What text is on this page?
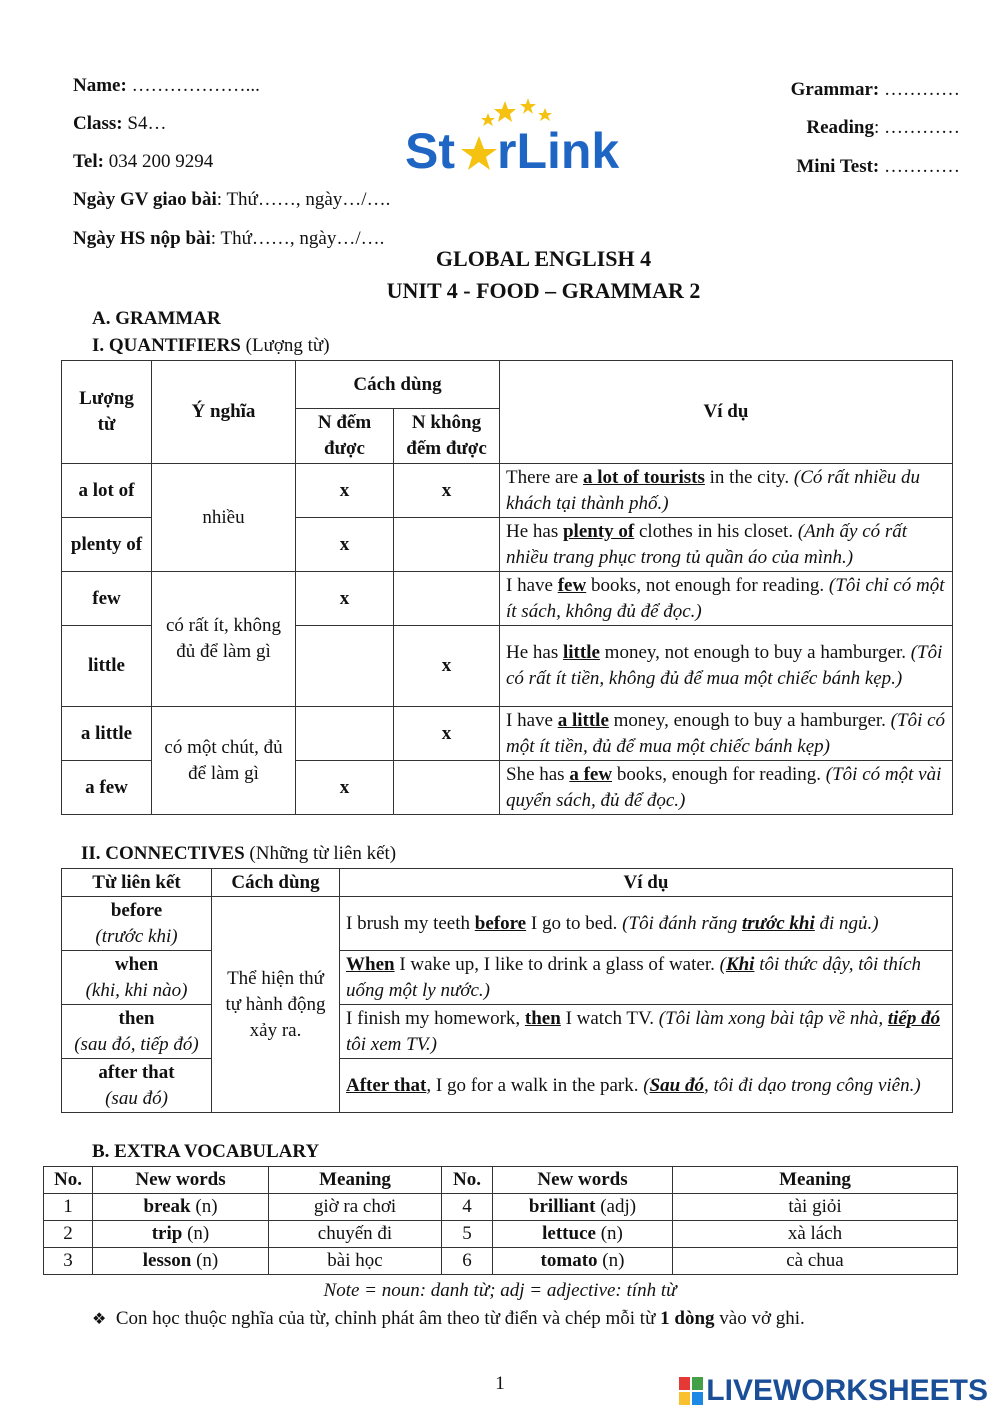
Name: ………………...
Class: S4…
Tel: 034 200 9294
Ngày GV giao bài: Thứ……, ngày…/….
Ngày HS nộp bài: Thứ……, ngày…/….
Grammar: …………
Reading: …………
Mini Test: …………
St rLink
GLOBAL ENGLISH 4
UNIT 4 - FOOD – GRAMMAR 2
A. GRAMMAR
I. QUANTIFIERS (Lượng từ)
Lượng từ	Ý nghĩa	Cách dùng		Ví dụ
		N đếm được	N không đếm được	
a lot of	nhiều	x	x	There are a lot of tourists in the city. (Có rất nhiều du khách tại thành phố.)
plenty of		x		He has plenty of clothes in his closet. (Anh ấy có rất nhiều trang phục trong tủ quần áo của mình.)
few	có rất ít, không đủ để làm gì	x		I have few books, not enough for reading. (Tôi chỉ có một ít sách, không đủ để đọc.)
little			x	He has little money, not enough to buy a hamburger. (Tôi có rất ít tiền, không đủ để mua một chiếc bánh kẹp.)
a little	có một chút, đủ để làm gì		x	I have a little money, enough to buy a hamburger. (Tôi có một ít tiền, đủ để mua một chiếc bánh kẹp)
a few		x		She has a few books, enough for reading. (Tôi có một vài quyển sách, đủ để đọc.)
II. CONNECTIVES (Những từ liên kết)
Từ liên kết	Cách dùng	Ví dụ
before
(trước khi)	Thể hiện thứ tự hành động xảy ra.	I brush my teeth before I go to bed. (Tôi đánh răng trước khi đi ngủ.)
when
(khi, khi nào)		When I wake up, I like to drink a glass of water. (Khi tôi thức dậy, tôi thích uống một ly nước.)
then
(sau đó, tiếp đó)		I finish my homework, then I watch TV. (Tôi làm xong bài tập về nhà, tiếp đó tôi xem TV.)
after that
(sau đó)		After that, I go for a walk in the park. (Sau đó, tôi đi dạo trong công viên.)
B. EXTRA VOCABULARY
No.	New words	Meaning	No.	New words	Meaning
1	break (n)	giờ ra chơi	4	brilliant (adj)	tài giỏi
2	trip (n)	chuyến đi	5	lettuce (n)	xà lách
3	lesson (n)	bài học	6	tomato (n)	cà chua
Note = noun: danh từ; adj = adjective: tính từ
❖ Con học thuộc nghĩa của từ, chỉnh phát âm theo từ điển và chép mỗi từ 1 dòng vào vở ghi.
1	LIVEWORKSHEETS
